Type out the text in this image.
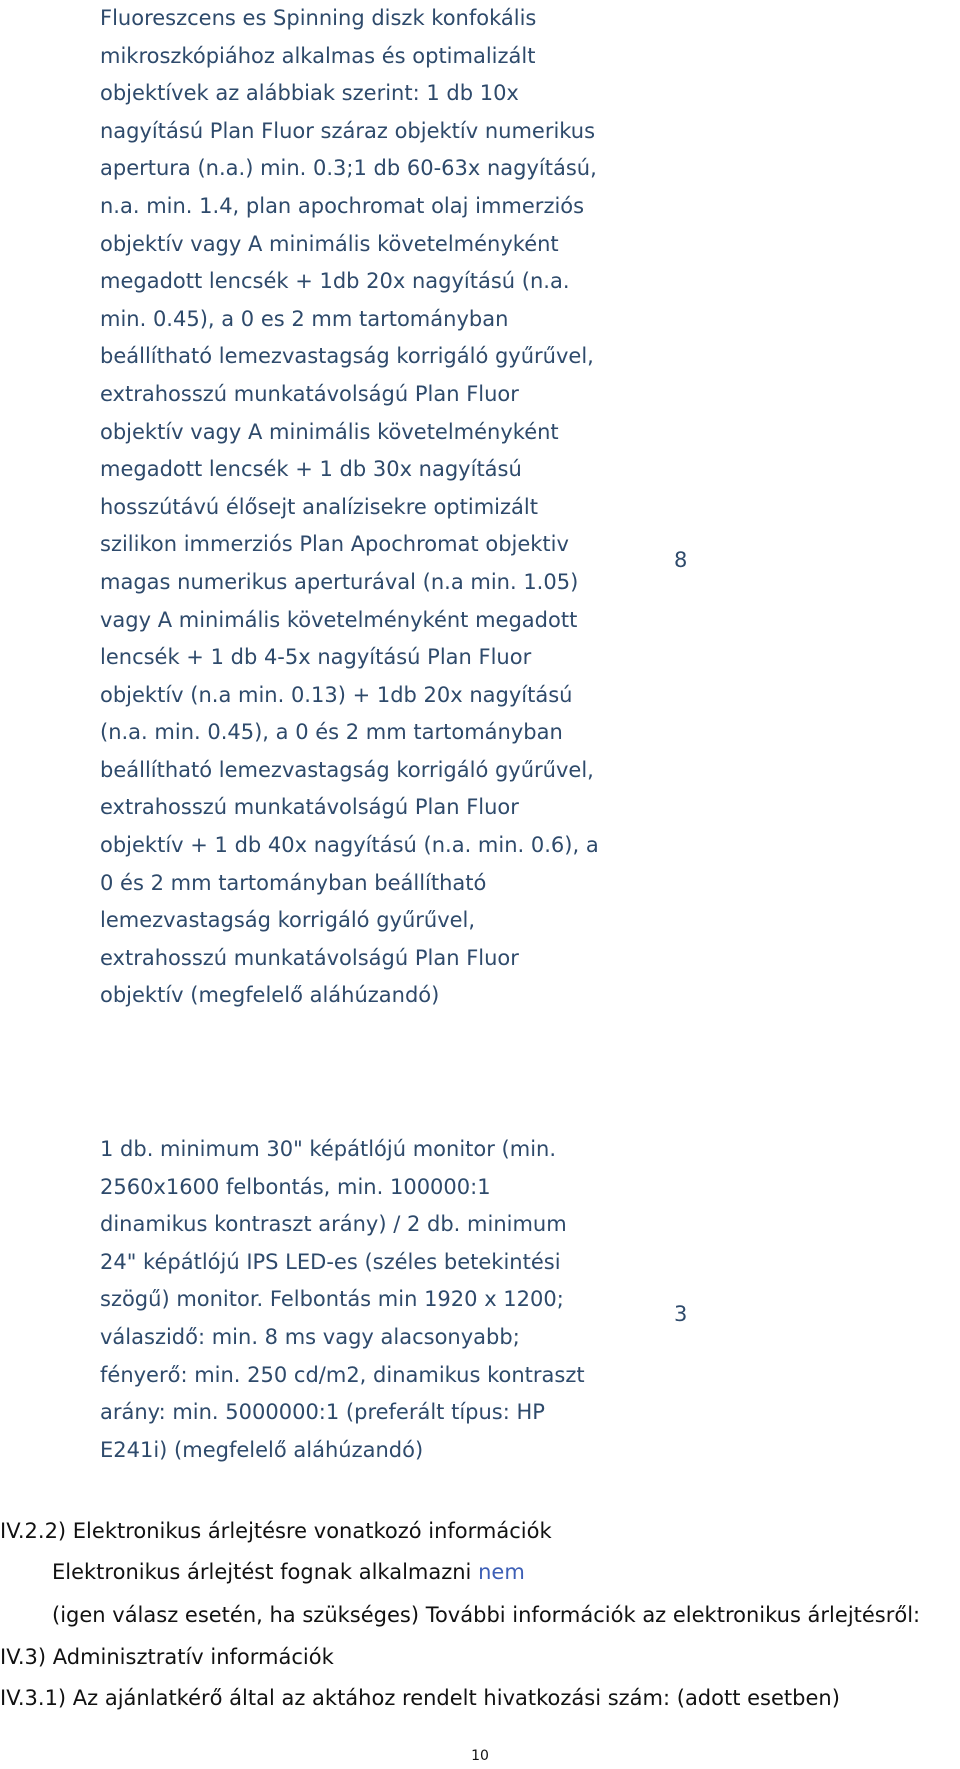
Fluoreszcens es Spinning diszk konfokális mikroszkópiához alkalmas és optimalizált objektívek az alábbiak szerint: 1 db 10x nagyítású Plan Fluor száraz objektív numerikus apertura (n.a.) min. 0.3;1 db 60-63x nagyítású, n.a. min. 1.4, plan apochromat olaj immerziós objektív vagy A minimális követelményként megadott lencsék + 1db 20x nagyítású (n.a. min. 0.45), a 0 es 2 mm tartományban beállítható lemezvastagság korrigáló gyűrűvel, extrahosszú munkatávolságú Plan Fluor objektív vagy A minimális követelményként megadott lencsék + 1 db 30x nagyítású hosszútávú élősejt analízisekre optimizált szilikon immerziós Plan Apochromat objektiv magas numerikus aperturával (n.a min. 1.05) vagy A minimális követelményként megadott lencsék + 1 db 4-5x nagyítású Plan Fluor objektív (n.a min. 0.13) + 1db 20x nagyítású (n.a. min. 0.45), a 0 és 2 mm tartományban beállítható lemezvastagság korrigáló gyűrűvel, extrahosszú munkatávolságú Plan Fluor objektív + 1 db 40x nagyítású (n.a. min. 0.6), a 0 és 2 mm tartományban beállítható lemezvastagság korrigáló gyűrűvel, extrahosszú munkatávolságú Plan Fluor objektív (megfelelő aláhúzandó)

8

1 db. minimum 30" képátlójú monitor (min. 2560x1600 felbontás, min. 100000:1 dinamikus kontraszt arány) / 2 db. minimum 24" képátlójú IPS LED-es (széles betekintési szögű) monitor. Felbontás min 1920 x 1200; válaszidő: min. 8 ms vagy alacsonyabb; fényerő: min. 250 cd/m2, dinamikus kontraszt arány: min. 5000000:1 (preferált típus: HP E241i) (megfelelő aláhúzandó)

3

IV.2.2) Elektronikus árlejtésre vonatkozó információk

Elektronikus árlejtést fognak alkalmazni nem

(igen válasz esetén, ha szükséges) További információk az elektronikus árlejtésről:

IV.3) Adminisztratív információk

IV.3.1) Az ajánlatkérő által az aktához rendelt hivatkozási szám: (adott esetben)

10
